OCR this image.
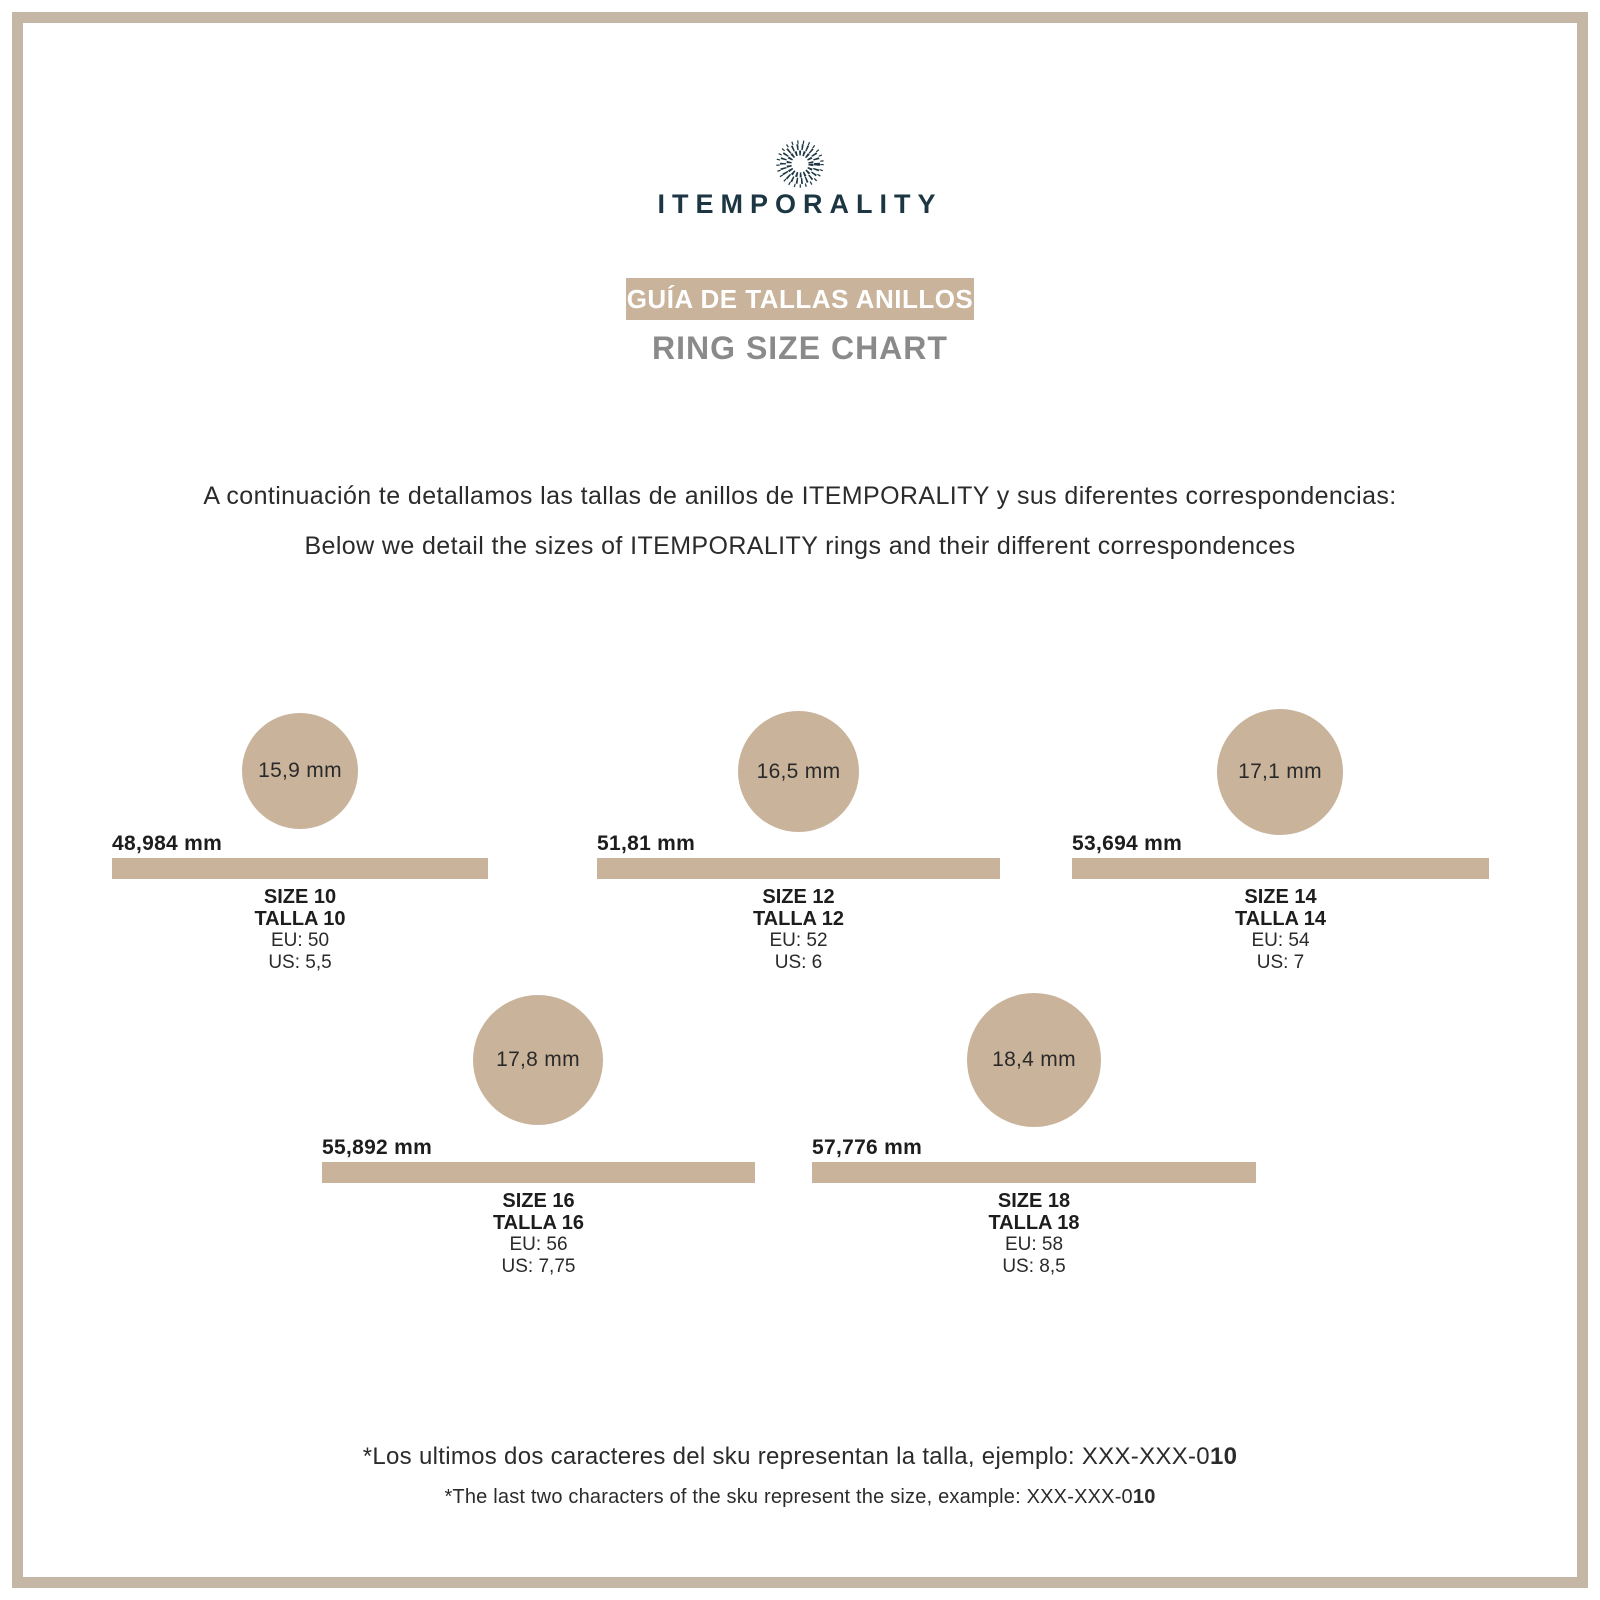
ITEMPORALITY
GUÍA DE TALLAS ANILLOS
RING SIZE CHART
A continuación te detallamos las tallas de anillos de ITEMPORALITY y sus diferentes correspondencias:
Below we detail the sizes of ITEMPORALITY rings and their different correspondences
15,9 mm
48,984 mm
SIZE 10
TALLA 10
EU: 50
US: 5,5
16,5 mm
51,81 mm
SIZE 12
TALLA 12
EU: 52
US: 6
17,1 mm
53,694 mm
SIZE 14
TALLA 14
EU: 54
US: 7
17,8 mm
55,892 mm
SIZE 16
TALLA 16
EU: 56
US: 7,75
18,4 mm
57,776 mm
SIZE 18
TALLA 18
EU: 58
US: 8,5
*Los ultimos dos caracteres del sku representan la talla, ejemplo: XXX-XXX-010
*The last two characters of the sku represent the size, example: XXX-XXX-010
